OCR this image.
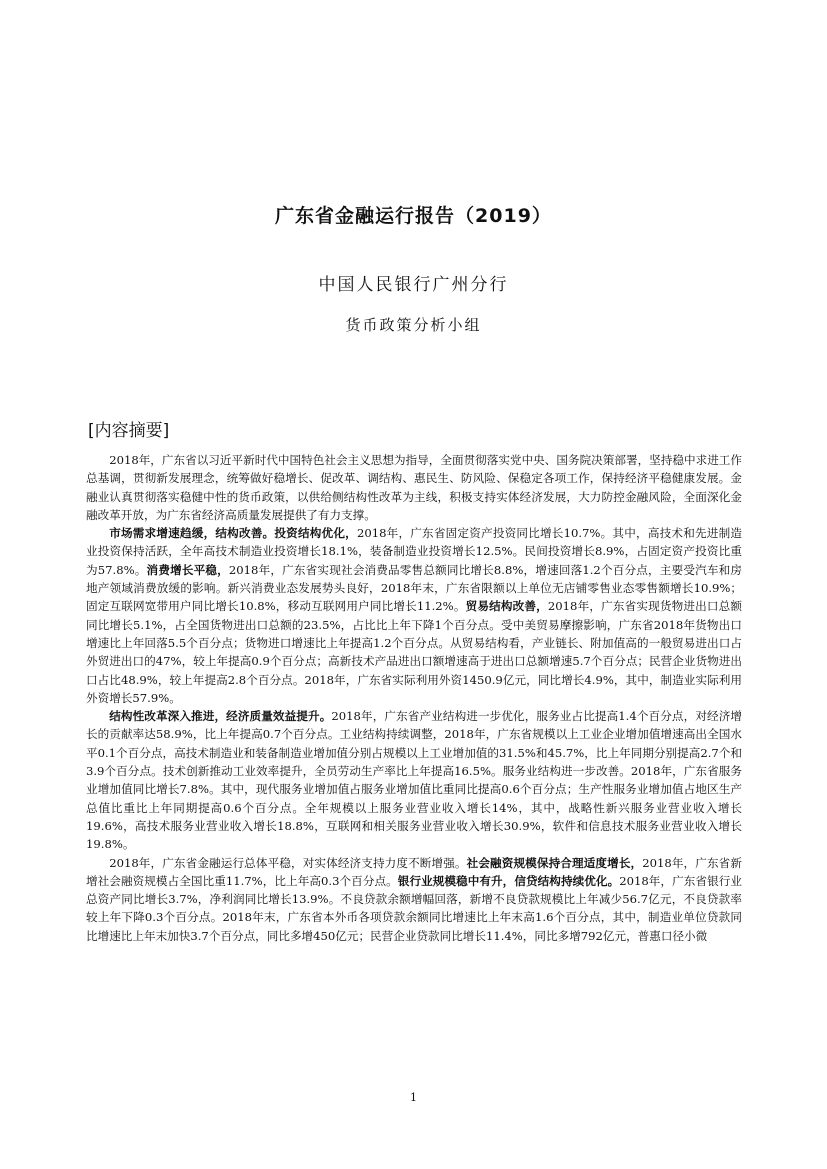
广东省金融运行报告（2019）
中国人民银行广州分行
货币政策分析小组
[内容摘要]

2018年，广东省以习近平新时代中国特色社会主义思想为指导，全面贯彻落实党中央、国务院决策部署，坚持稳中求进工作总基调，贯彻新发展理念，统筹做好稳增长、促改革、调结构、惠民生、防风险、保稳定各项工作，保持经济平稳健康发展。金融业认真贯彻落实稳健中性的货币政策，以供给侧结构性改革为主线，积极支持实体经济发展，大力防控金融风险，全面深化金融改革开放，为广东省经济高质量发展提供了有力支撑。

市场需求增速趋缓，结构改善。投资结构优化，2018年，广东省固定资产投资同比增长10.7%。其中，高技术和先进制造业投资保持活跃，全年高技术制造业投资增长18.1%，装备制造业投资增长12.5%。民间投资增长8.9%，占固定资产投资比重为57.8%。消费增长平稳，2018年，广东省实现社会消费品零售总额同比增长8.8%，增速回落1.2个百分点，主要受汽车和房地产领域消费放缓的影响。新兴消费业态发展势头良好，2018年末，广东省限额以上单位无店铺零售业态零售额增长10.9%；固定互联网宽带用户同比增长10.8%，移动互联网用户同比增长11.2%。贸易结构改善，2018年，广东省实现货物进出口总额同比增长5.1%，占全国货物进出口总额的23.5%，占比比上年下降1个百分点。受中美贸易摩擦影响，广东省2018年货物出口增速比上年回落5.5个百分点；货物进口增速比上年提高1.2个百分点。从贸易结构看，产业链长、附加值高的一般贸易进出口占外贸进出口的47%，较上年提高0.9个百分点；高新技术产品进出口额增速高于进出口总额增速5.7个百分点；民营企业货物进出口占比48.9%，较上年提高2.8个百分点。2018年，广东省实际利用外资1450.9亿元，同比增长4.9%，其中，制造业实际利用外资增长57.9%。

结构性改革深入推进，经济质量效益提升。2018年，广东省产业结构进一步优化，服务业占比提高1.4个百分点，对经济增长的贡献率达58.9%，比上年提高0.7个百分点。工业结构持续调整，2018年，广东省规模以上工业企业增加值增速高出全国水平0.1个百分点，高技术制造业和装备制造业增加值分别占规模以上工业增加值的31.5%和45.7%，比上年同期分别提高2.7个和3.9个百分点。技术创新推动工业效率提升，全员劳动生产率比上年提高16.5%。服务业结构进一步改善。2018年，广东省服务业增加值同比增长7.8%。其中，现代服务业增加值占服务业增加值比重同比提高0.6个百分点；生产性服务业增加值占地区生产总值比重比上年同期提高0.6个百分点。全年规模以上服务业营业收入增长14%，其中，战略性新兴服务业营业收入增长19.6%，高技术服务业营业收入增长18.8%，互联网和相关服务业营业收入增长30.9%，软件和信息技术服务业营业收入增长19.8%。

2018年，广东省金融运行总体平稳，对实体经济支持力度不断增强。社会融资规模保持合理适度增长，2018年，广东省新增社会融资规模占全国比重11.7%，比上年高0.3个百分点。银行业规模稳中有升，信贷结构持续优化。2018年，广东省银行业总资产同比增长3.7%，净利润同比增长13.9%。不良贷款余额增幅回落，新增不良贷款规模比上年减少56.7亿元，不良贷款率较上年下降0.3个百分点。2018年末，广东省本外币各项贷款余额同比增速比上年末高1.6个百分点，其中，制造业单位贷款同比增速比上年末加快3.7个百分点，同比多增450亿元；民营企业贷款同比增长11.4%，同比多增792亿元，普惠口径小微

1
